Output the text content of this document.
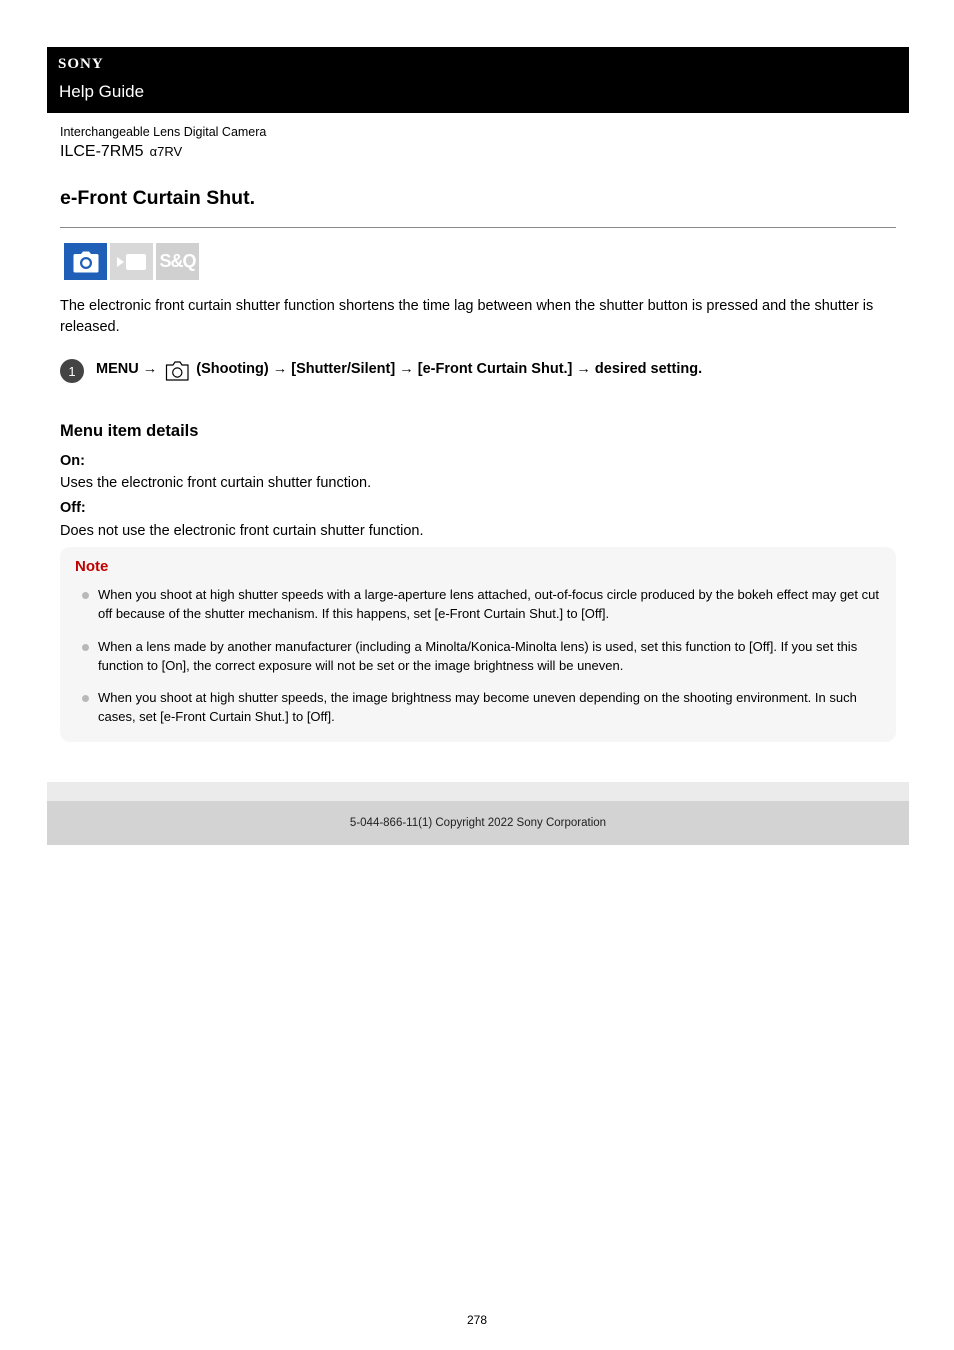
SONY
Help Guide
Interchangeable Lens Digital Camera
ILCE-7RM5 α7RV
e-Front Curtain Shut.
S&Q

The electronic front curtain shutter function shortens the time lag between when the shutter button is pressed and the shutter is released.

1	MENU →	(Shooting) → [Shutter/Silent] → [e-Front Curtain Shut.] → desired setting.
Menu item details

On:

Uses the electronic front curtain shutter function.

Off:

Does not use the electronic front curtain shutter function.

Note
When you shoot at high shutter speeds with a large-aperture lens attached, out-of-focus circle produced by the bokeh effect may get cut off because of the shutter mechanism. If this happens, set [e-Front Curtain Shut.] to [Off].
When a lens made by another manufacturer (including a Minolta/Konica-Minolta lens) is used, set this function to [Off]. If you set this function to [On], the correct exposure will not be set or the image brightness will be uneven.
When you shoot at high shutter speeds, the image brightness may become uneven depending on the shooting environment. In such cases, set [e-Front Curtain Shut.] to [Off].
5-044-866-11(1) Copyright 2022 Sony Corporation
278
